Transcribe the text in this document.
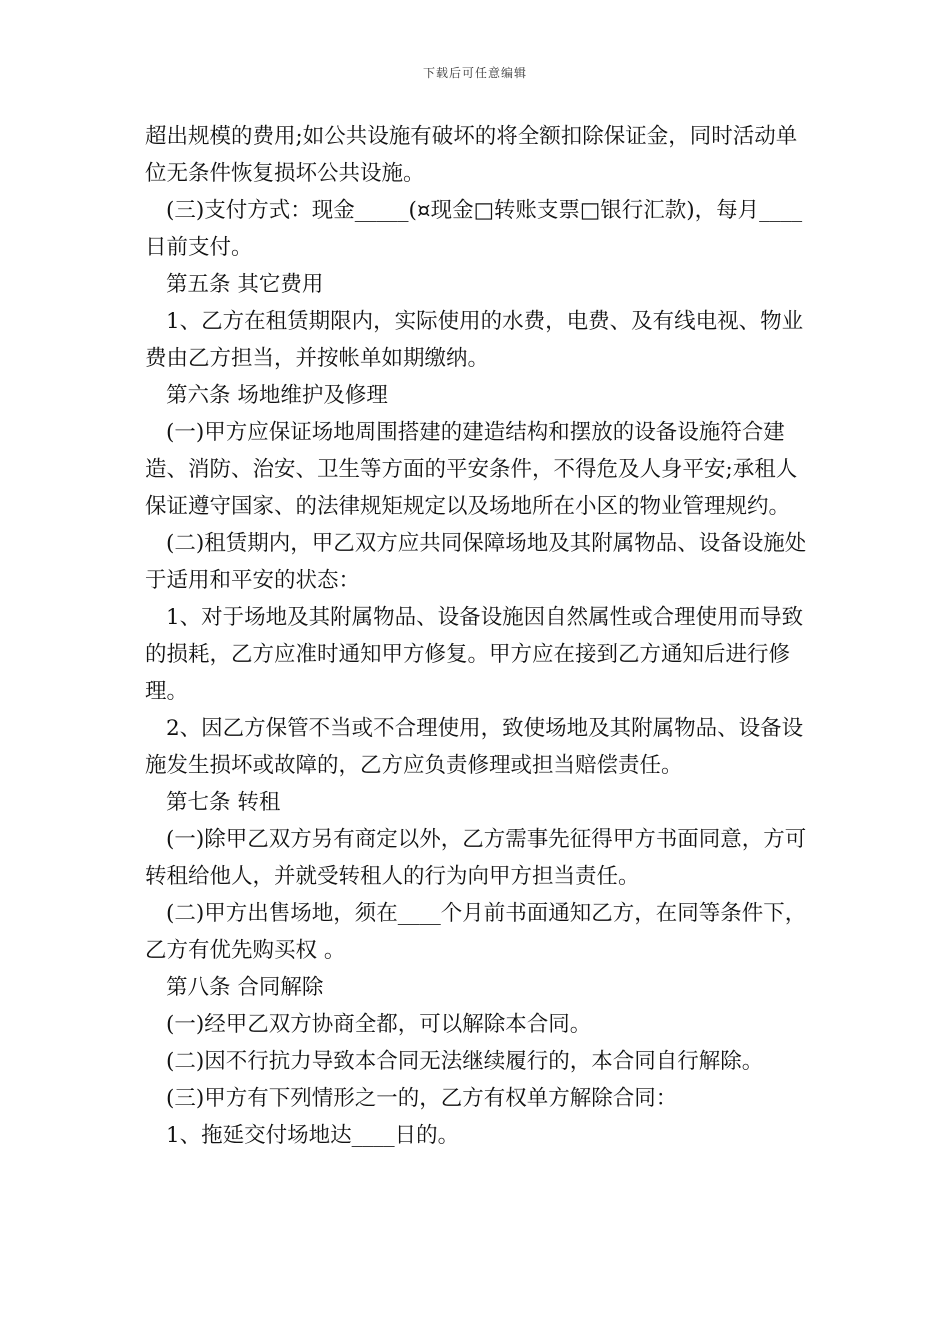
下载后可任意编辑

超出规模的费用;如公共设施有破坏的将全额扣除保证金，同时活动单位无条件恢复损坏公共设施。

(三)支付方式：现金_____(¤现金□转账支票□银行汇款)，每月____日前支付。

第五条 其它费用

1、乙方在租赁期限内，实际使用的水费，电费、及有线电视、物业费由乙方担当，并按帐单如期缴纳。

第六条 场地维护及修理

(一)甲方应保证场地周围搭建的建造结构和摆放的设备设施符合建造、消防、治安、卫生等方面的平安条件，不得危及人身平安;承租人保证遵守国家、的法律规矩规定以及场地所在小区的物业管理规约。

(二)租赁期内，甲乙双方应共同保障场地及其附属物品、设备设施处于适用和平安的状态：

1、对于场地及其附属物品、设备设施因自然属性或合理使用而导致的损耗，乙方应准时通知甲方修复。甲方应在接到乙方通知后进行修理。

2、因乙方保管不当或不合理使用，致使场地及其附属物品、设备设施发生损坏或故障的，乙方应负责修理或担当赔偿责任。

第七条 转租

(一)除甲乙双方另有商定以外，乙方需事先征得甲方书面同意，方可转租给他人，并就受转租人的行为向甲方担当责任。

(二)甲方出售场地，须在____个月前书面通知乙方，在同等条件下，乙方有优先购买权 。

第八条 合同解除

(一)经甲乙双方协商全都，可以解除本合同。

(二)因不行抗力导致本合同无法继续履行的，本合同自行解除。

(三)甲方有下列情形之一的，乙方有权单方解除合同：

1、拖延交付场地达____日的。
